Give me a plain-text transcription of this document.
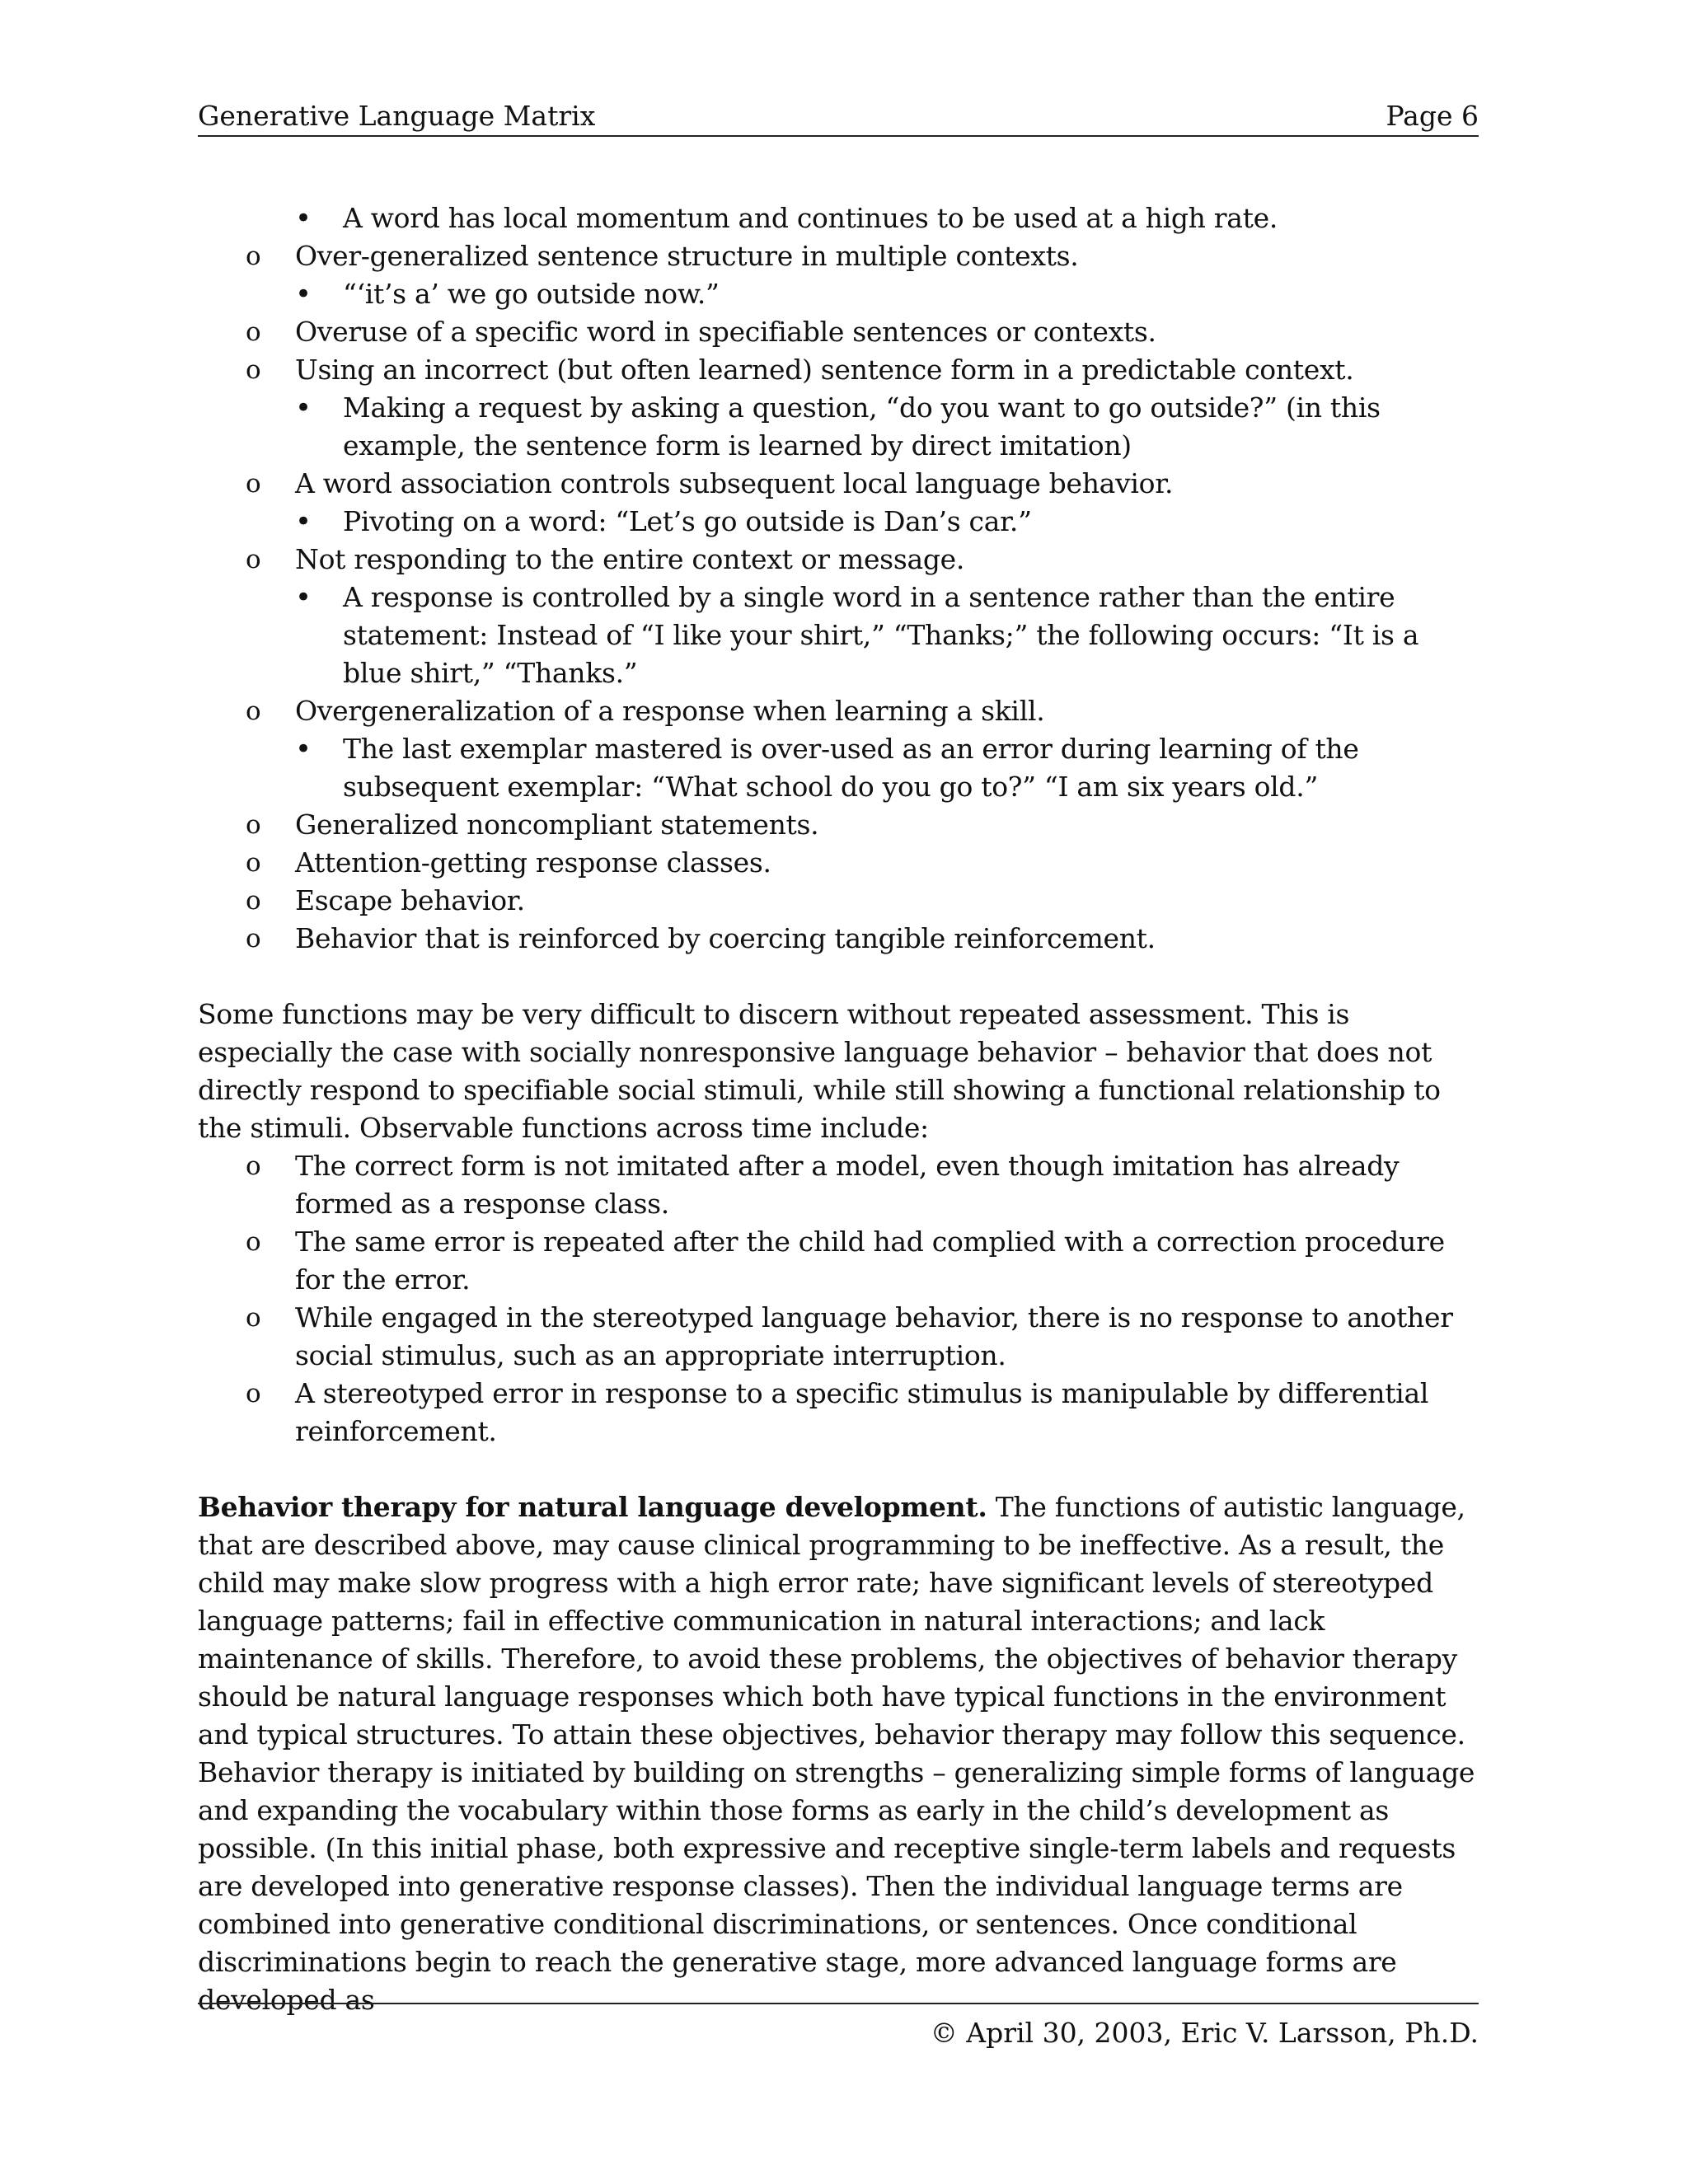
Generative Language Matrix	Page 6
• A word has local momentum and continues to be used at a high rate.
o Over-generalized sentence structure in multiple contexts.
• “‘it’s a’ we go outside now.”
o Overuse of a specific word in specifiable sentences or contexts.
o Using an incorrect (but often learned) sentence form in a predictable context.
• Making a request by asking a question, “do you want to go outside?” (in this example, the sentence form is learned by direct imitation)
o A word association controls subsequent local language behavior.
• Pivoting on a word: “Let’s go outside is Dan’s car.”
o Not responding to the entire context or message.
• A response is controlled by a single word in a sentence rather than the entire statement: Instead of “I like your shirt,” “Thanks;” the following occurs: “It is a blue shirt,” “Thanks.”
o Overgeneralization of a response when learning a skill.
• The last exemplar mastered is over-used as an error during learning of the subsequent exemplar: “What school do you go to?” “I am six years old.”
o Generalized noncompliant statements.
o Attention-getting response classes.
o Escape behavior.
o Behavior that is reinforced by coercing tangible reinforcement.

Some functions may be very difficult to discern without repeated assessment. This is especially the case with socially nonresponsive language behavior – behavior that does not directly respond to specifiable social stimuli, while still showing a functional relationship to the stimuli. Observable functions across time include:

o The correct form is not imitated after a model, even though imitation has already formed as a response class.
o The same error is repeated after the child had complied with a correction procedure for the error.
o While engaged in the stereotyped language behavior, there is no response to another social stimulus, such as an appropriate interruption.
o A stereotyped error in response to a specific stimulus is manipulable by differential reinforcement.

Behavior therapy for natural language development. The functions of autistic language, that are described above, may cause clinical programming to be ineffective. As a result, the child may make slow progress with a high error rate; have significant levels of stereotyped language patterns; fail in effective communication in natural interactions; and lack maintenance of skills. Therefore, to avoid these problems, the objectives of behavior therapy should be natural language responses which both have typical functions in the environment and typical structures. To attain these objectives, behavior therapy may follow this sequence. Behavior therapy is initiated by building on strengths – generalizing simple forms of language and expanding the vocabulary within those forms as early in the child’s development as possible. (In this initial phase, both expressive and receptive single-term labels and requests are developed into generative response classes). Then the individual language terms are combined into generative conditional discriminations, or sentences. Once conditional discriminations begin to reach the generative stage, more advanced language forms are developed as

© April 30, 2003, Eric V. Larsson, Ph.D.
